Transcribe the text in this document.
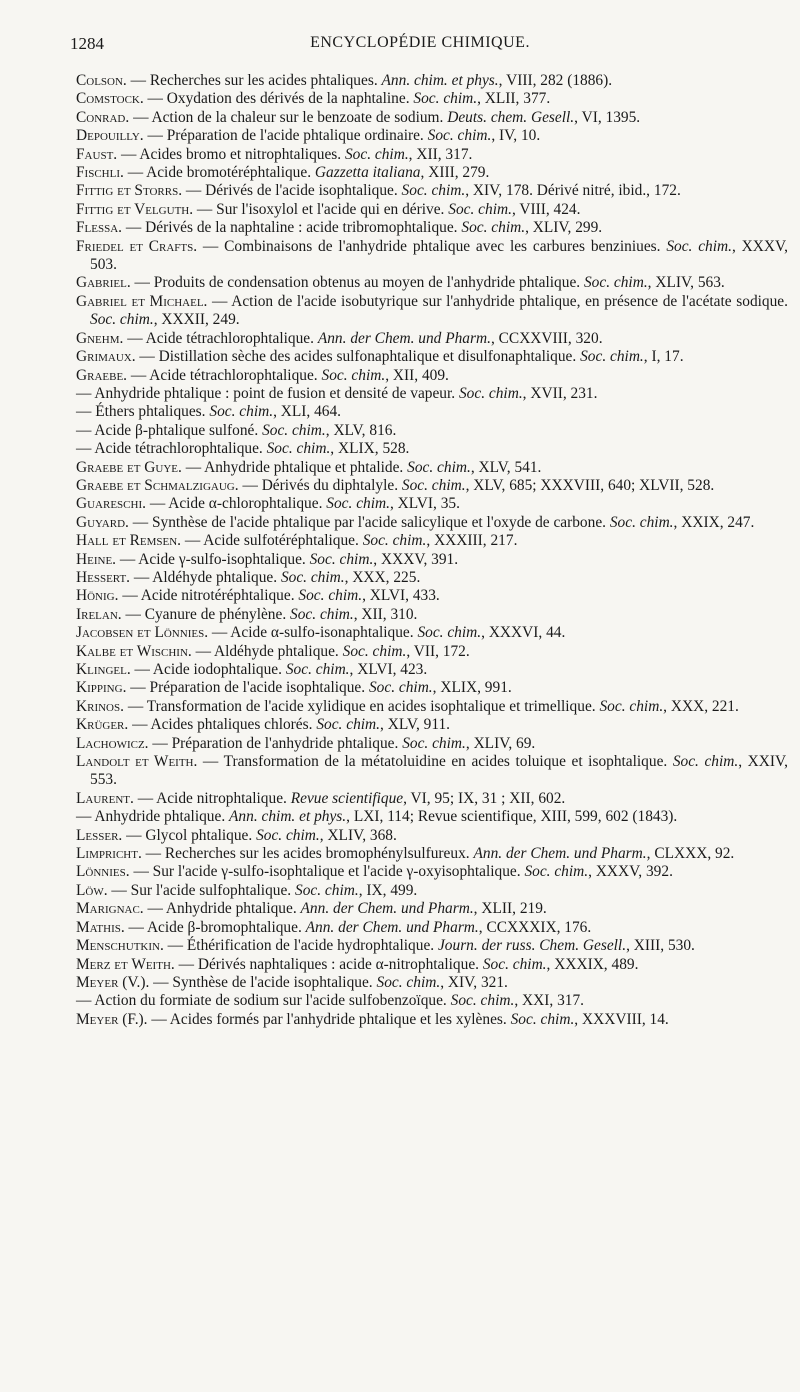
1284	ENCYCLOPÉDIE CHIMIQUE.

Colson. — Recherches sur les acides phtaliques. Ann. chim. et phys., VIII, 282 (1886).

Comstock. — Oxydation des dérivés de la naphtaline. Soc. chim., XLII, 377.

Conrad. — Action de la chaleur sur le benzoate de sodium. Deuts. chem. Gesell., VI, 1395.

Depouilly. — Préparation de l'acide phtalique ordinaire. Soc. chim., IV, 10.

Faust. — Acides bromo et nitrophtaliques. Soc. chim., XII, 317.

Fischli. — Acide bromotéréphtalique. Gazzetta italiana, XIII, 279.

Fittig et Storrs. — Dérivés de l'acide isophtalique. Soc. chim., XIV, 178. Dérivé nitré, ibid., 172.

Fittig et Velguth. — Sur l'isoxylol et l'acide qui en dérive. Soc. chim., VIII, 424.

Flessa. — Dérivés de la naphtaline : acide tribromophtalique. Soc. chim., XLIV, 299.

Friedel et Crafts. — Combinaisons de l'anhydride phtalique avec les carbures benziniues. Soc. chim., XXXV, 503.

Gabriel. — Produits de condensation obtenus au moyen de l'anhydride phtalique. Soc. chim., XLIV, 563.

Gabriel et Michael. — Action de l'acide isobutyrique sur l'anhydride phtalique, en présence de l'acétate sodique. Soc. chim., XXXII, 249.

Gnehm. — Acide tétrachlorophtalique. Ann. der Chem. und Pharm., CCXXVIII, 320.

Grimaux. — Distillation sèche des acides sulfonaphtalique et disulfonaphtalique. Soc. chim., I, 17.

Graebe. — Acide tétrachlorophtalique. Soc. chim., XII, 409.

— Anhydride phtalique : point de fusion et densité de vapeur. Soc. chim., XVII, 231.

— Éthers phtaliques. Soc. chim., XLI, 464.

— Acide β-phtalique sulfoné. Soc. chim., XLV, 816.

— Acide tétrachlorophtalique. Soc. chim., XLIX, 528.

Graebe et Guye. — Anhydride phtalique et phtalide. Soc. chim., XLV, 541.

Graebe et Schmalzigaug. — Dérivés du diphtalyle. Soc. chim., XLV, 685; XXXVIII, 640; XLVII, 528.

Guareschi. — Acide α-chlorophtalique. Soc. chim., XLVI, 35.

Guyard. — Synthèse de l'acide phtalique par l'acide salicylique et l'oxyde de carbone. Soc. chim., XXIX, 247.

Hall et Remsen. — Acide sulfotéréphtalique. Soc. chim., XXXIII, 217.

Heine. — Acide γ-sulfo-isophtalique. Soc. chim., XXXV, 391.

Hessert. — Aldéhyde phtalique. Soc. chim., XXX, 225.

Hönig. — Acide nitrotéréphtalique. Soc. chim., XLVI, 433.

Irelan. — Cyanure de phénylène. Soc. chim., XII, 310.

Jacobsen et Lönnies. — Acide α-sulfo-isonaphtalique. Soc. chim., XXXVI, 44.

Kalbe et Wischin. — Aldéhyde phtalique. Soc. chim., VII, 172.

Klingel. — Acide iodophtalique. Soc. chim., XLVI, 423.

Kipping. — Préparation de l'acide isophtalique. Soc. chim., XLIX, 991.

Krinos. — Transformation de l'acide xylidique en acides isophtalique et trimellique. Soc. chim., XXX, 221.

Krüger. — Acides phtaliques chlorés. Soc. chim., XLV, 911.

Lachowicz. — Préparation de l'anhydride phtalique. Soc. chim., XLIV, 69.

Landolt et Weith. — Transformation de la métatoluidine en acides toluique et isophtalique. Soc. chim., XXIV, 553.

Laurent. — Acide nitrophtalique. Revue scientifique, VI, 95; IX, 31 ; XII, 602.

— Anhydride phtalique. Ann. chim. et phys., LXI, 114; Revue scientifique, XIII, 599, 602 (1843).

Lesser. — Glycol phtalique. Soc. chim., XLIV, 368.

Limpricht. — Recherches sur les acides bromophénylsulfureux. Ann. der Chem. und Pharm., CLXXX, 92.

Lönnies. — Sur l'acide γ-sulfo-isophtalique et l'acide γ-oxyisophtalique. Soc. chim., XXXV, 392.

Löw. — Sur l'acide sulfophtalique. Soc. chim., IX, 499.

Marignac. — Anhydride phtalique. Ann. der Chem. und Pharm., XLII, 219.

Mathis. — Acide β-bromophtalique. Ann. der Chem. und Pharm., CCXXXIX, 176.

Menschutkin. — Éthérification de l'acide hydrophtalique. Journ. der russ. Chem. Gesell., XIII, 530.

Merz et Weith. — Dérivés naphtaliques : acide α-nitrophtalique. Soc. chim., XXXIX, 489.

Meyer (V.). — Synthèse de l'acide isophtalique. Soc. chim., XIV, 321.

— Action du formiate de sodium sur l'acide sulfobenzoïque. Soc. chim., XXI, 317.

Meyer (F.). — Acides formés par l'anhydride phtalique et les xylènes. Soc. chim., XXXVIII, 14.
